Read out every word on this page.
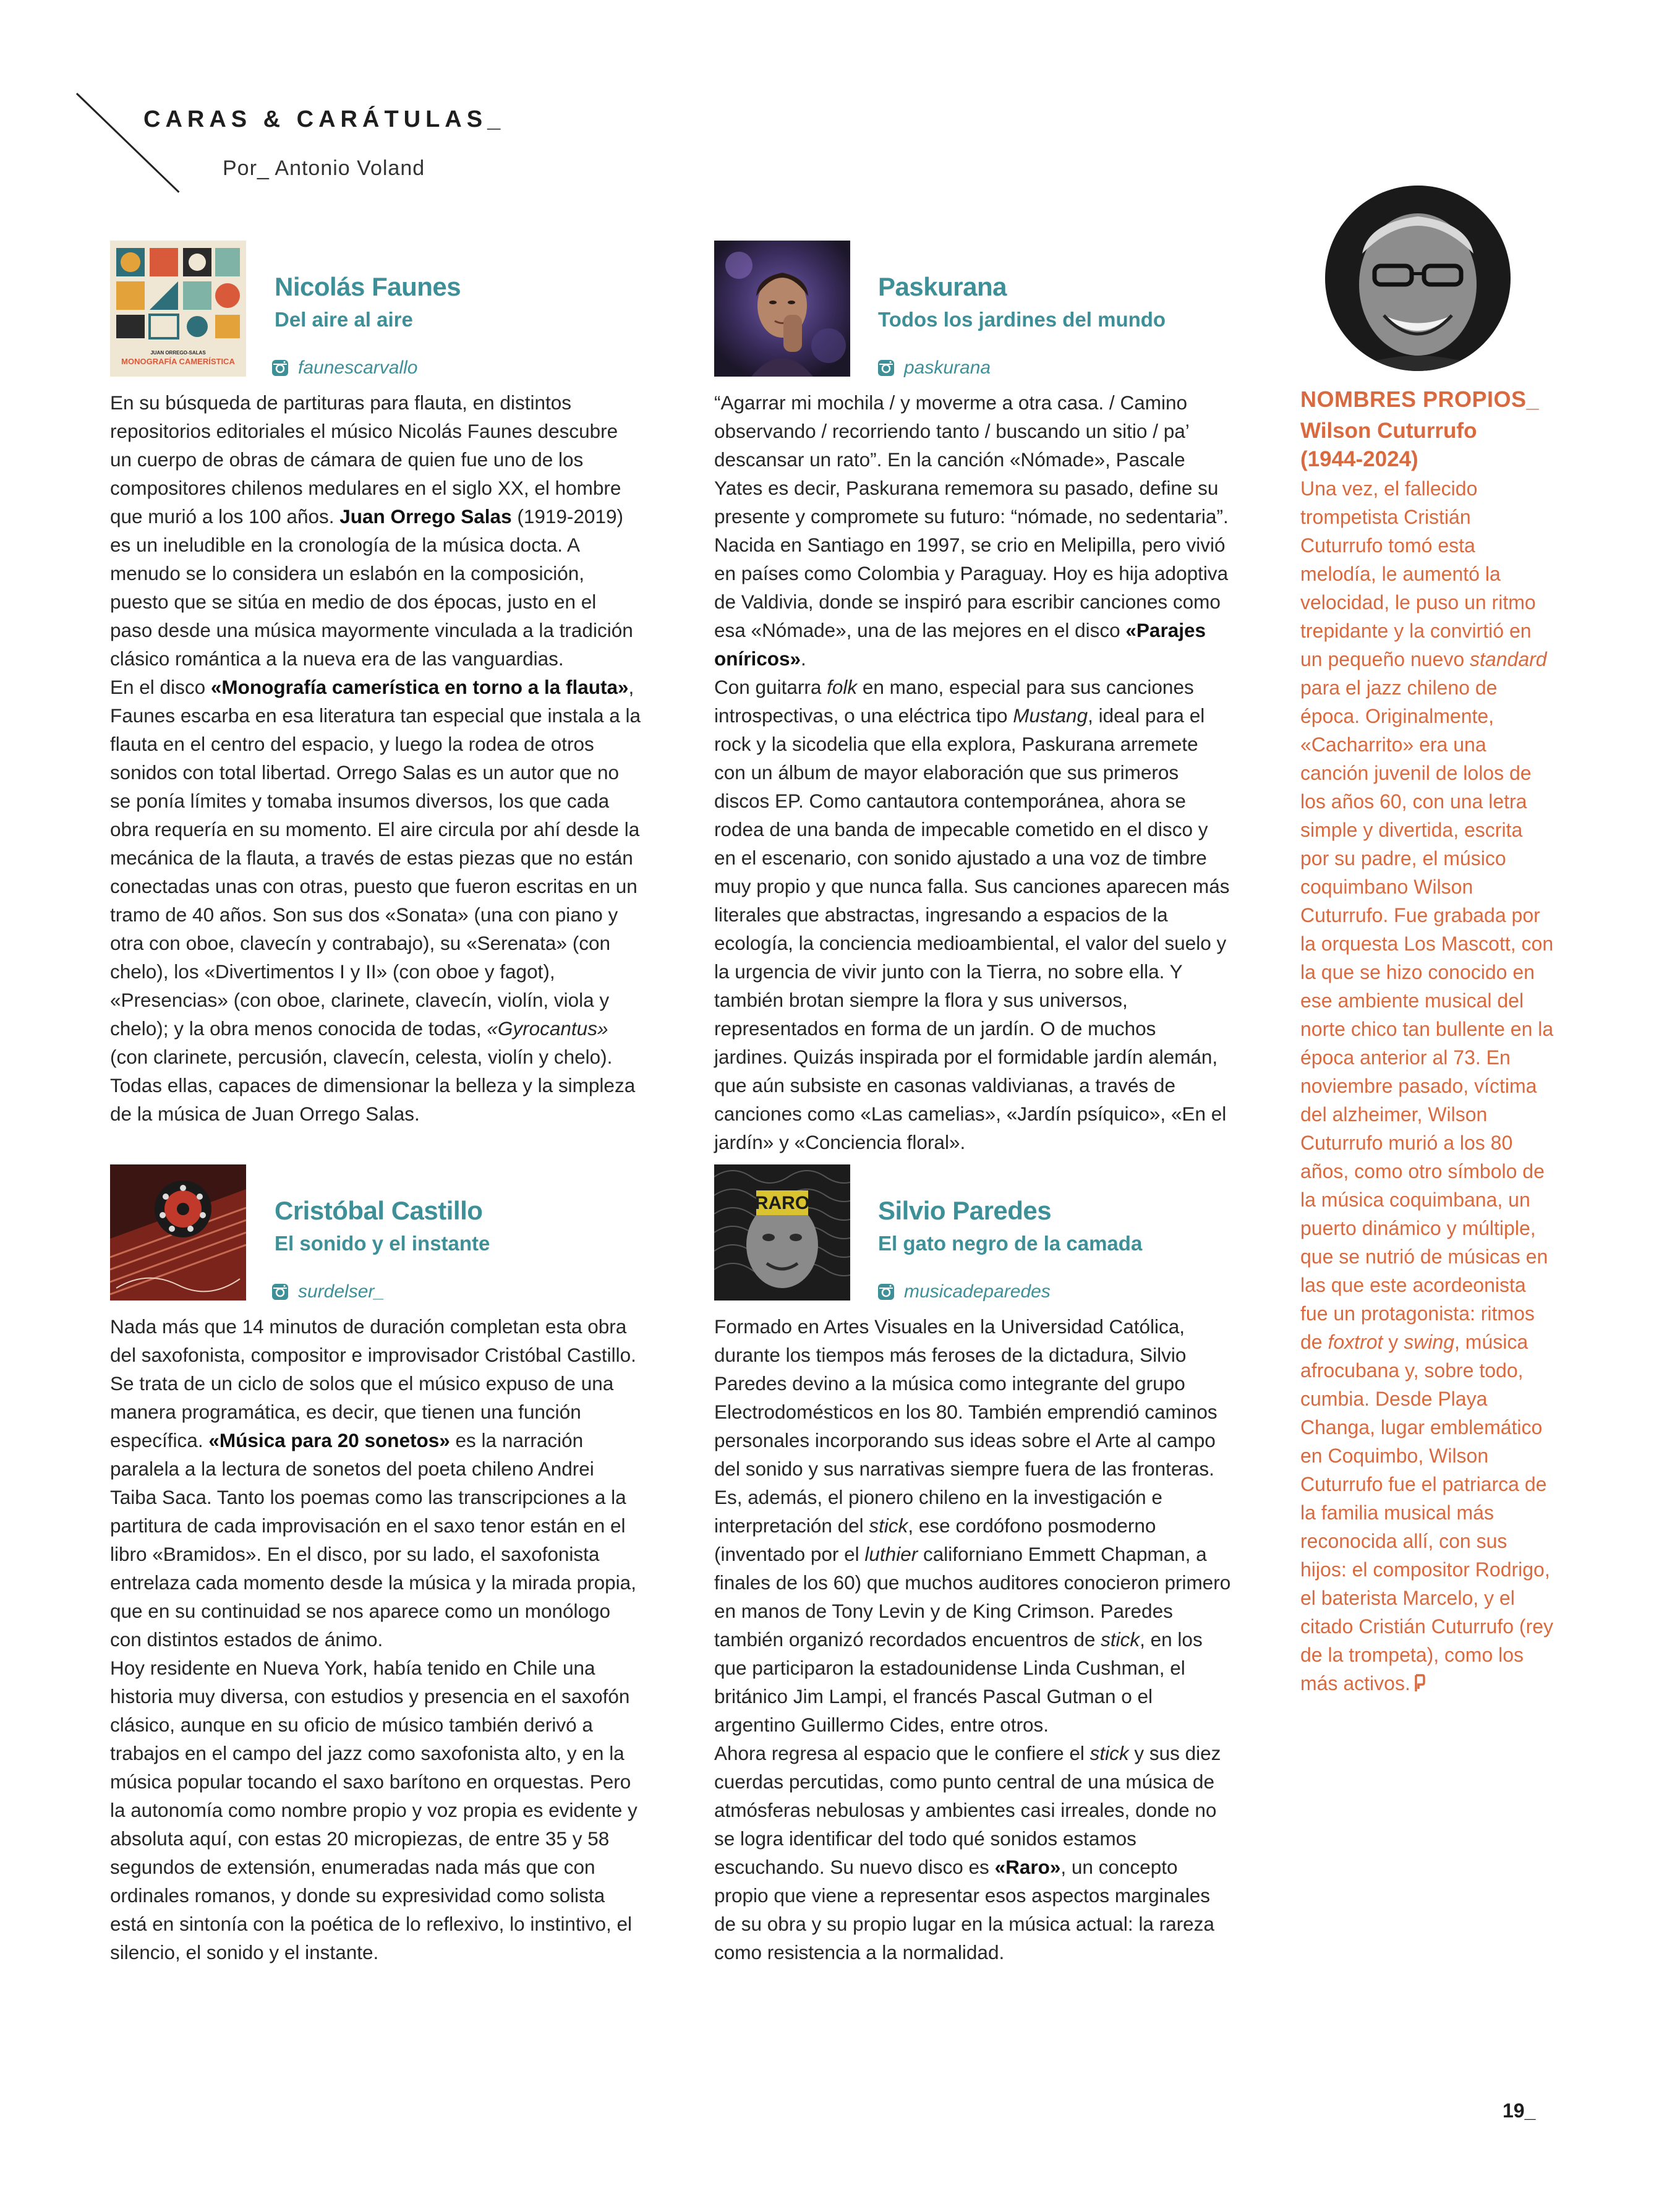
CARAS & CARÁTULAS_
Por_ Antonio Voland
JUAN ORREGO-SALAS
MONOGRAFÍA CAMERÍSTICA
Nicolás Faunes
Del aire al aire
faunescarvallo

En su búsqueda de partituras para flauta, en distintos repositorios editoriales el músico Nicolás Faunes descubre un cuerpo de obras de cámara de quien fue uno de los compositores chilenos medulares en el siglo XX, el hombre que murió a los 100 años. Juan Orrego Salas (1919-2019) es un ineludible en la cronología de la música docta. A menudo se lo considera un eslabón en la composición, puesto que se sitúa en medio de dos épocas, justo en el paso desde una música mayormente vinculada a la tradición clásico romántica a la nueva era de las vanguardias.

En el disco «Monografía camerística en torno a la flauta», Faunes escarba en esa literatura tan especial que instala a la flauta en el centro del espacio, y luego la rodea de otros sonidos con total libertad. Orrego Salas es un autor que no se ponía límites y tomaba insumos diversos, los que cada obra requería en su momento. El aire circula por ahí desde la mecánica de la flauta, a través de estas piezas que no están conectadas unas con otras, puesto que fueron escritas en un tramo de 40 años. Son sus dos «Sonata» (una con piano y otra con oboe, clavecín y contrabajo), su «Serenata» (con chelo), los «Divertimentos I y II» (con oboe y fagot), «Presencias» (con oboe, clarinete, clavecín, violín, viola y chelo); y la obra menos conocida de todas, «Gyrocantus» (con clarinete, percusión, clavecín, celesta, violín y chelo). Todas ellas, capaces de dimensionar la belleza y la simpleza de la música de Juan Orrego Salas.

Paskurana
Todos los jardines del mundo
paskurana

“Agarrar mi mochila / y moverme a otra casa. / Camino observando / recorriendo tanto / buscando un sitio / pa’ descansar un rato”. En la canción «Nómade», Pascale Yates es decir, Paskurana rememora su pasado, define su presente y compromete su futuro: “nómade, no sedentaria”. Nacida en Santiago en 1997, se crio en Melipilla, pero vivió en países como Colombia y Paraguay. Hoy es hija adoptiva de Valdivia, donde se inspiró para escribir canciones como esa «Nómade», una de las mejores en el disco «Parajes oníricos».

Con guitarra folk en mano, especial para sus canciones introspectivas, o una eléctrica tipo Mustang, ideal para el rock y la sicodelia que ella explora, Paskurana arremete con un álbum de mayor elaboración que sus primeros discos EP. Como cantautora contemporánea, ahora se rodea de una banda de impecable cometido en el disco y en el escenario, con sonido ajustado a una voz de timbre muy propio y que nunca falla. Sus canciones aparecen más literales que abstractas, ingresando a espacios de la ecología, la conciencia medioambiental, el valor del suelo y la urgencia de vivir junto con la Tierra, no sobre ella. Y también brotan siempre la flora y sus universos, representados en forma de un jardín. O de muchos jardines. Quizás inspirada por el formidable jardín alemán, que aún subsiste en casonas valdivianas, a través de canciones como «Las camelias», «Jardín psíquico», «En el jardín» y «Conciencia floral».

Cristóbal Castillo
El sonido y el instante
surdelser_

Nada más que 14 minutos de duración completan esta obra del saxofonista, compositor e improvisador Cristóbal Castillo. Se trata de un ciclo de solos que el músico expuso de una manera programática, es decir, que tienen una función específica. «Música para 20 sonetos» es la narración paralela a la lectura de sonetos del poeta chileno Andrei Taiba Saca. Tanto los poemas como las transcripciones a la partitura de cada improvisación en el saxo tenor están en el libro «Bramidos». En el disco, por su lado, el saxofonista entrelaza cada momento desde la música y la mirada propia, que en su continuidad se nos aparece como un monólogo con distintos estados de ánimo.

Hoy residente en Nueva York, había tenido en Chile una historia muy diversa, con estudios y presencia en el saxofón clásico, aunque en su oficio de músico también derivó a trabajos en el campo del jazz como saxofonista alto, y en la música popular tocando el saxo barítono en orquestas. Pero la autonomía como nombre propio y voz propia es evidente y absoluta aquí, con estas 20 micropiezas, de entre 35 y 58 segundos de extensión, enumeradas nada más que con ordinales romanos, y donde su expresividad como solista está en sintonía con la poética de lo reflexivo, lo instintivo, el silencio, el sonido y el instante.

RARO	Silvio Paredes
El gato negro de la camada
musicadeparedes

Formado en Artes Visuales en la Universidad Católica, durante los tiempos más feroses de la dictadura, Silvio Paredes devino a la música como integrante del grupo Electrodomésticos en los 80. También emprendió caminos personales incorporando sus ideas sobre el Arte al campo del sonido y sus narrativas siempre fuera de las fronteras. Es, además, el pionero chileno en la investigación e interpretación del stick, ese cordófono posmoderno (inventado por el luthier californiano Emmett Chapman, a finales de los 60) que muchos auditores conocieron primero en manos de Tony Levin y de King Crimson. Paredes también organizó recordados encuentros de stick, en los que participaron la estadounidense Linda Cushman, el británico Jim Lampi, el francés Pascal Gutman o el argentino Guillermo Cides, entre otros.

Ahora regresa al espacio que le confiere el stick y sus diez cuerdas percutidas, como punto central de una música de atmósferas nebulosas y ambientes casi irreales, donde no se logra identificar del todo qué sonidos estamos escuchando. Su nuevo disco es «Raro», un concepto propio que viene a representar esos aspectos marginales de su obra y su propio lugar en la música actual: la rareza como resistencia a la normalidad.

NOMBRES PROPIOS_
Wilson Cuturrufo
(1944-2024)

Una vez, el fallecido trompetista Cristián Cuturrufo tomó esta melodía, le aumentó la velocidad, le puso un ritmo trepidante y la convirtió en un pequeño nuevo standard para el jazz chileno de época. Originalmente, «Cacharrito» era una canción juvenil de lolos de los años 60, con una letra simple y divertida, escrita por su padre, el músico coquimbano Wilson Cuturrufo. Fue grabada por la orquesta Los Mascott, con la que se hizo conocido en ese ambiente musical del norte chico tan bullente en la época anterior al 73. En noviembre pasado, víctima del alzheimer, Wilson Cuturrufo murió a los 80 años, como otro símbolo de la música coquimbana, un puerto dinámico y múltiple, que se nutrió de músicas en las que este acordeonista fue un protagonista: ritmos de foxtrot y swing, música afrocubana y, sobre todo, cumbia. Desde Playa Changa, lugar emblemático en Coquimbo, Wilson Cuturrufo fue el patriarca de la familia musical más reconocida allí, con sus hijos: el compositor Rodrigo, el baterista Marcelo, y el citado Cristián Cuturrufo (rey de la trompeta), como los más activos.

19_
